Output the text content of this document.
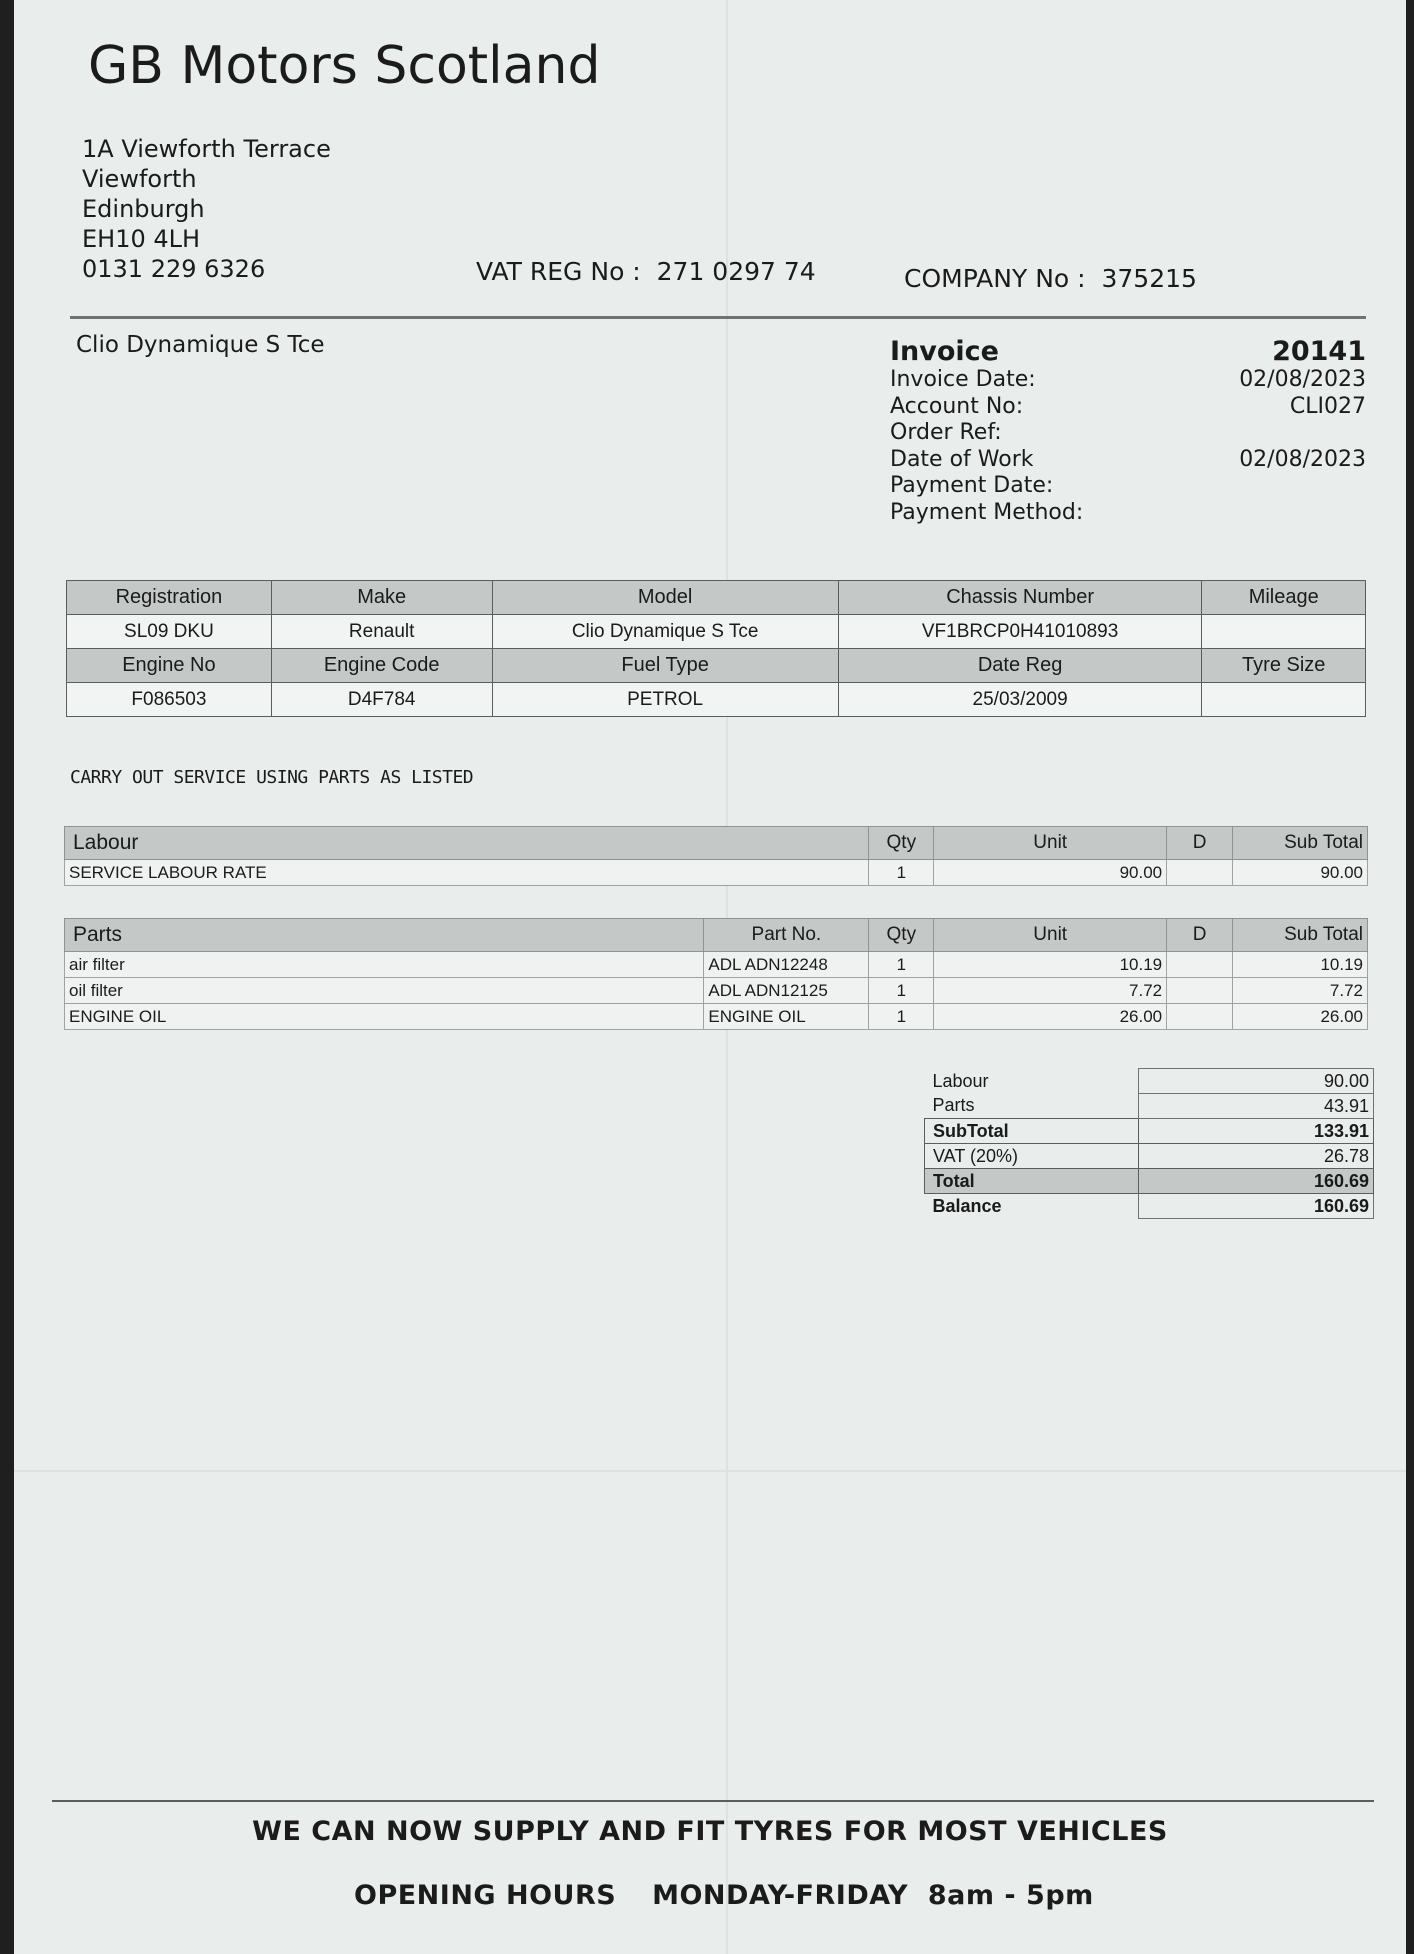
GB Motors Scotland
1A Viewforth Terrace
Viewforth
Edinburgh
EH10 4LH
0131 229 6326	VAT REG No : 271 0297 74	COMPANY No : 375215
Clio Dynamique S Tce	Invoice	20141
Invoice Date:	02/08/2023
Account No:	CLI027
Order Ref:
Date of Work	02/08/2023
Payment Date:
Payment Method:
Registration	Make	Model	Chassis Number	Mileage
SL09 DKU	Renault	Clio Dynamique S Tce	VF1BRCP0H41010893	
Engine No	Engine Code	Fuel Type	Date Reg	Tyre Size
F086503	D4F784	PETROL	25/03/2009	
CARRY OUT SERVICE USING PARTS AS LISTED
Labour	Qty	Unit	D	Sub Total
SERVICE LABOUR RATE	1	90.00		90.00
Parts	Part No.	Qty	Unit	D	Sub Total
air filter	ADL ADN12248	1	10.19		10.19
oil filter	ADL ADN12125	1	7.72		7.72
ENGINE OIL	ENGINE OIL	1	26.00		26.00
Labour	90.00
Parts	43.91
SubTotal	133.91
VAT (20%)	26.78
Total	160.69
Balance	160.69
WE CAN NOW SUPPLY AND FIT TYRES FOR MOST VEHICLES
OPENING HOURS MONDAY-FRIDAY  8am - 5pm
